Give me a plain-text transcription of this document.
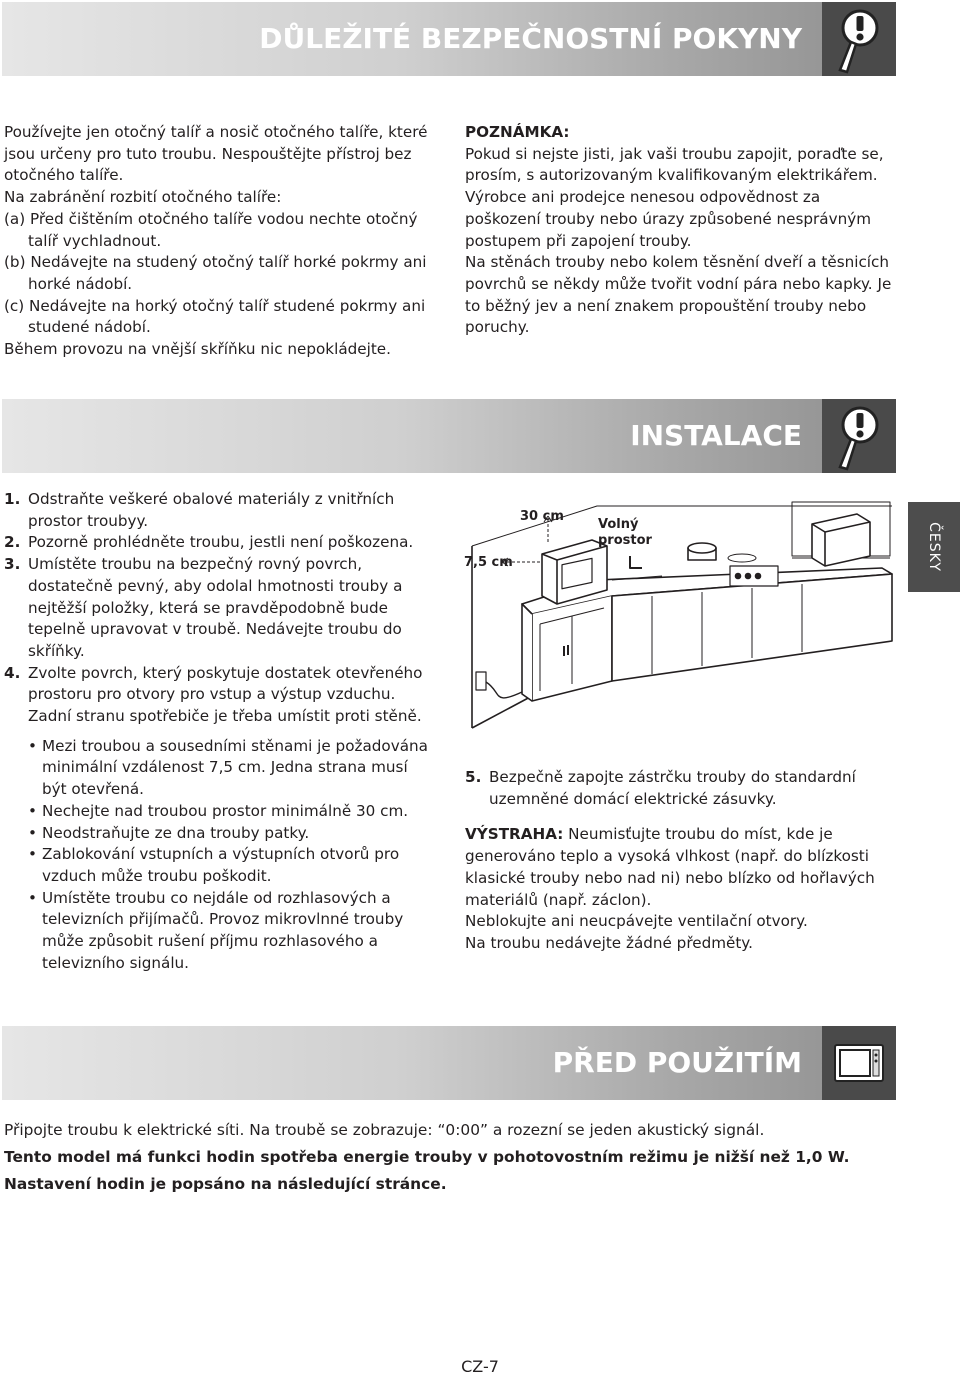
DŮLEŽITÉ BEZPEČNOSTNÍ POKYNY

Používejte jen otočný talíř a nosič otočného talíře, které jsou určeny pro tuto troubu. Nespouštějte přístroj bez otočného talíře.

Na zabránění rozbití otočného talíře:

(a) Před čištěním otočného talíře vodou nechte otočný talíř vychladnout.

(b) Nedávejte na studený otočný talíř horké pokrmy ani horké nádobí.

(c) Nedávejte na horký otočný talíř studené pokrmy ani studené nádobí.

Během provozu na vnější skříňku nic nepokládejte.

POZNÁMKA:

Pokud si nejste jisti, jak vaši troubu zapojit, poraďte se, prosím, s autorizovaným kvalifikovaným elektrikářem.

Výrobce ani prodejce nenesou odpovědnost za poškození trouby nebo úrazy způsobené nesprávným postupem při zapojení trouby.

Na stěnách trouby nebo kolem těsnění dveří a těsnicích povrchů se někdy může tvořit vodní pára nebo kapky. Je to běžný jev a není znakem propouštění trouby nebo poruchy.

INSTALACE
ČESKY
1. Odstraňte veškeré obalové materiály z vnitřních prostor troubyy.
2. Pozorně prohlédněte troubu, jestli není poškozena.
3. Umístěte troubu na bezpečný rovný povrch, dostatečně pevný, aby odolal hmotnosti trouby a nejtěžší položky, která se pravděpodobně bude tepelně upravovat v troubě. Nedávejte troubu do skříňky.
4. Zvolte povrch, který poskytuje dostatek otevřeného prostoru pro otvory pro vstup a výstup vzduchu.
Zadní stranu spotřebiče je třeba umístit proti stěně.
• Mezi troubou a sousedními stěnami je požadována minimální vzdálenost 7,5 cm. Jedna strana musí být otevřená.
• Nechejte nad troubou prostor minimálně 30 cm.
• Neodstraňujte ze dna trouby patky.
• Zablokování vstupních a výstupních otvorů pro vzduch může troubu poškodit.
• Umístěte troubu co nejdále od rozhlasových a televizních přijímačů. Provoz mikrovlnné trouby může způsobit rušení příjmu rozhlasového a televizního signálu.
30 cm
7,5 cm
Volný
prostor
5. Bezpečně zapojte zástrčku trouby do standardní uzemněné domácí elektrické zásuvky.

VÝSTRAHA: Neumisťujte troubu do míst, kde je generováno teplo a vysoká vlhkost (např. do blízkosti klasické trouby nebo nad ni) nebo blízko od hořlavých materiálů (např. záclon).

Neblokujte ani neucpávejte ventilační otvory.

Na troubu nedávejte žádné předměty.

PŘED POUŽITÍM

Připojte troubu k elektrické síti. Na troubě se zobrazuje: “0:00” a rozezní se jeden akustický signál.

Tento model má funkci hodin spotřeba energie trouby v pohotovostním režimu je nižší než 1,0 W.

Nastavení hodin je popsáno na následující stránce.

CZ-7
